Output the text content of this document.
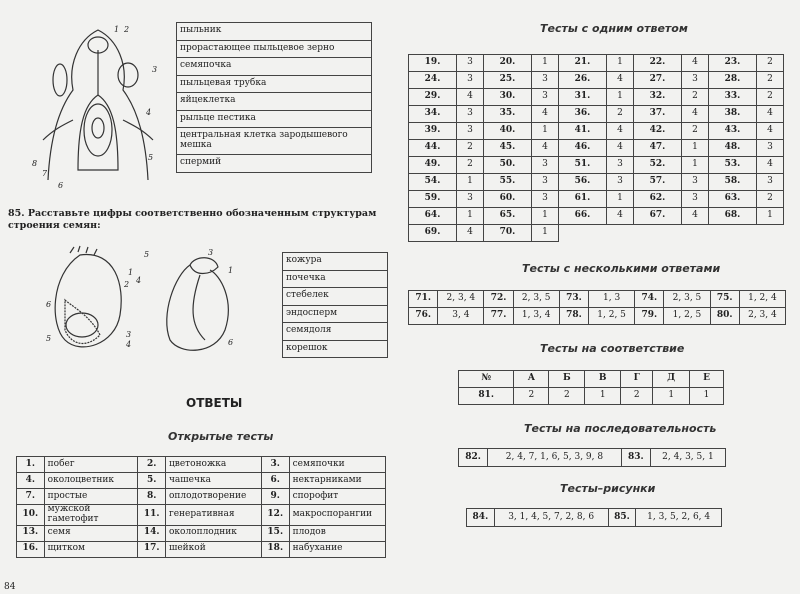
1 2
3
4
5
6
7
8
пыльник
прорастающее пыльцевое зерно
семяпочка
пыльцевая трубка
яйцеклетка
рыльце пестика
центральная клетка зародышевого мешка
спермий
85. Расставьте цифры соответственно обозначенным структурам строения семян:
1
2
3
4
5
6
5	3
4
1
6
кожура
почечка
стебелек
эндосперм
семядоля
корешок
ОТВЕТЫ
Открытые тесты
1.	побег	2.	цветоножка	3.	семяпочки
4.	околоцветник	5.	чашечка	6.	нектарниками
7.	простые	8.	оплодотворение	9.	спорофит
10.	мужской гаметофит	11.	генеративная	12.	макроспорангии
13.	семя	14.	околоплодник	15.	плодов
16.	щитком	17.	шейкой	18.	набухание
Тесты с одним ответом
19.	3	20.	1	21.	1	22.	4	23.	2
24.	3	25.	3	26.	4	27.	3	28.	2
29.	4	30.	3	31.	1	32.	2	33.	2
34.	3	35.	4	36.	2	37.	4	38.	4
39.	3	40.	1	41.	4	42.	2	43.	4
44.	2	45.	4	46.	4	47.	1	48.	3
49.	2	50.	3	51.	3	52.	1	53.	4
54.	1	55.	3	56.	3	57.	3	58.	3
59.	3	60.	3	61.	1	62.	3	63.	2
64.	1	65.	1	66.	4	67.	4	68.	1
69.	4	70.	1						
Тесты с несколькими ответами
71.	2, 3, 4	72.	2, 3, 5	73.	1, 3	74.	2, 3, 5	75.	1, 2, 4
76.	3, 4	77.	1, 3, 4	78.	1, 2, 5	79.	1, 2, 5	80.	2, 3, 4
Тесты на соответствие
№	А	Б	В	Г	Д	Е
81.	2	2	1	2	1	1
Тесты на последовательность
82.	2, 4, 7, 1, 6, 5, 3, 9, 8	83.	2, 4, 3, 5, 1
Тесты–рисунки
84.	3, 1, 4, 5, 7, 2, 8, 6	85.	1, 3, 5, 2, 6, 4
84
